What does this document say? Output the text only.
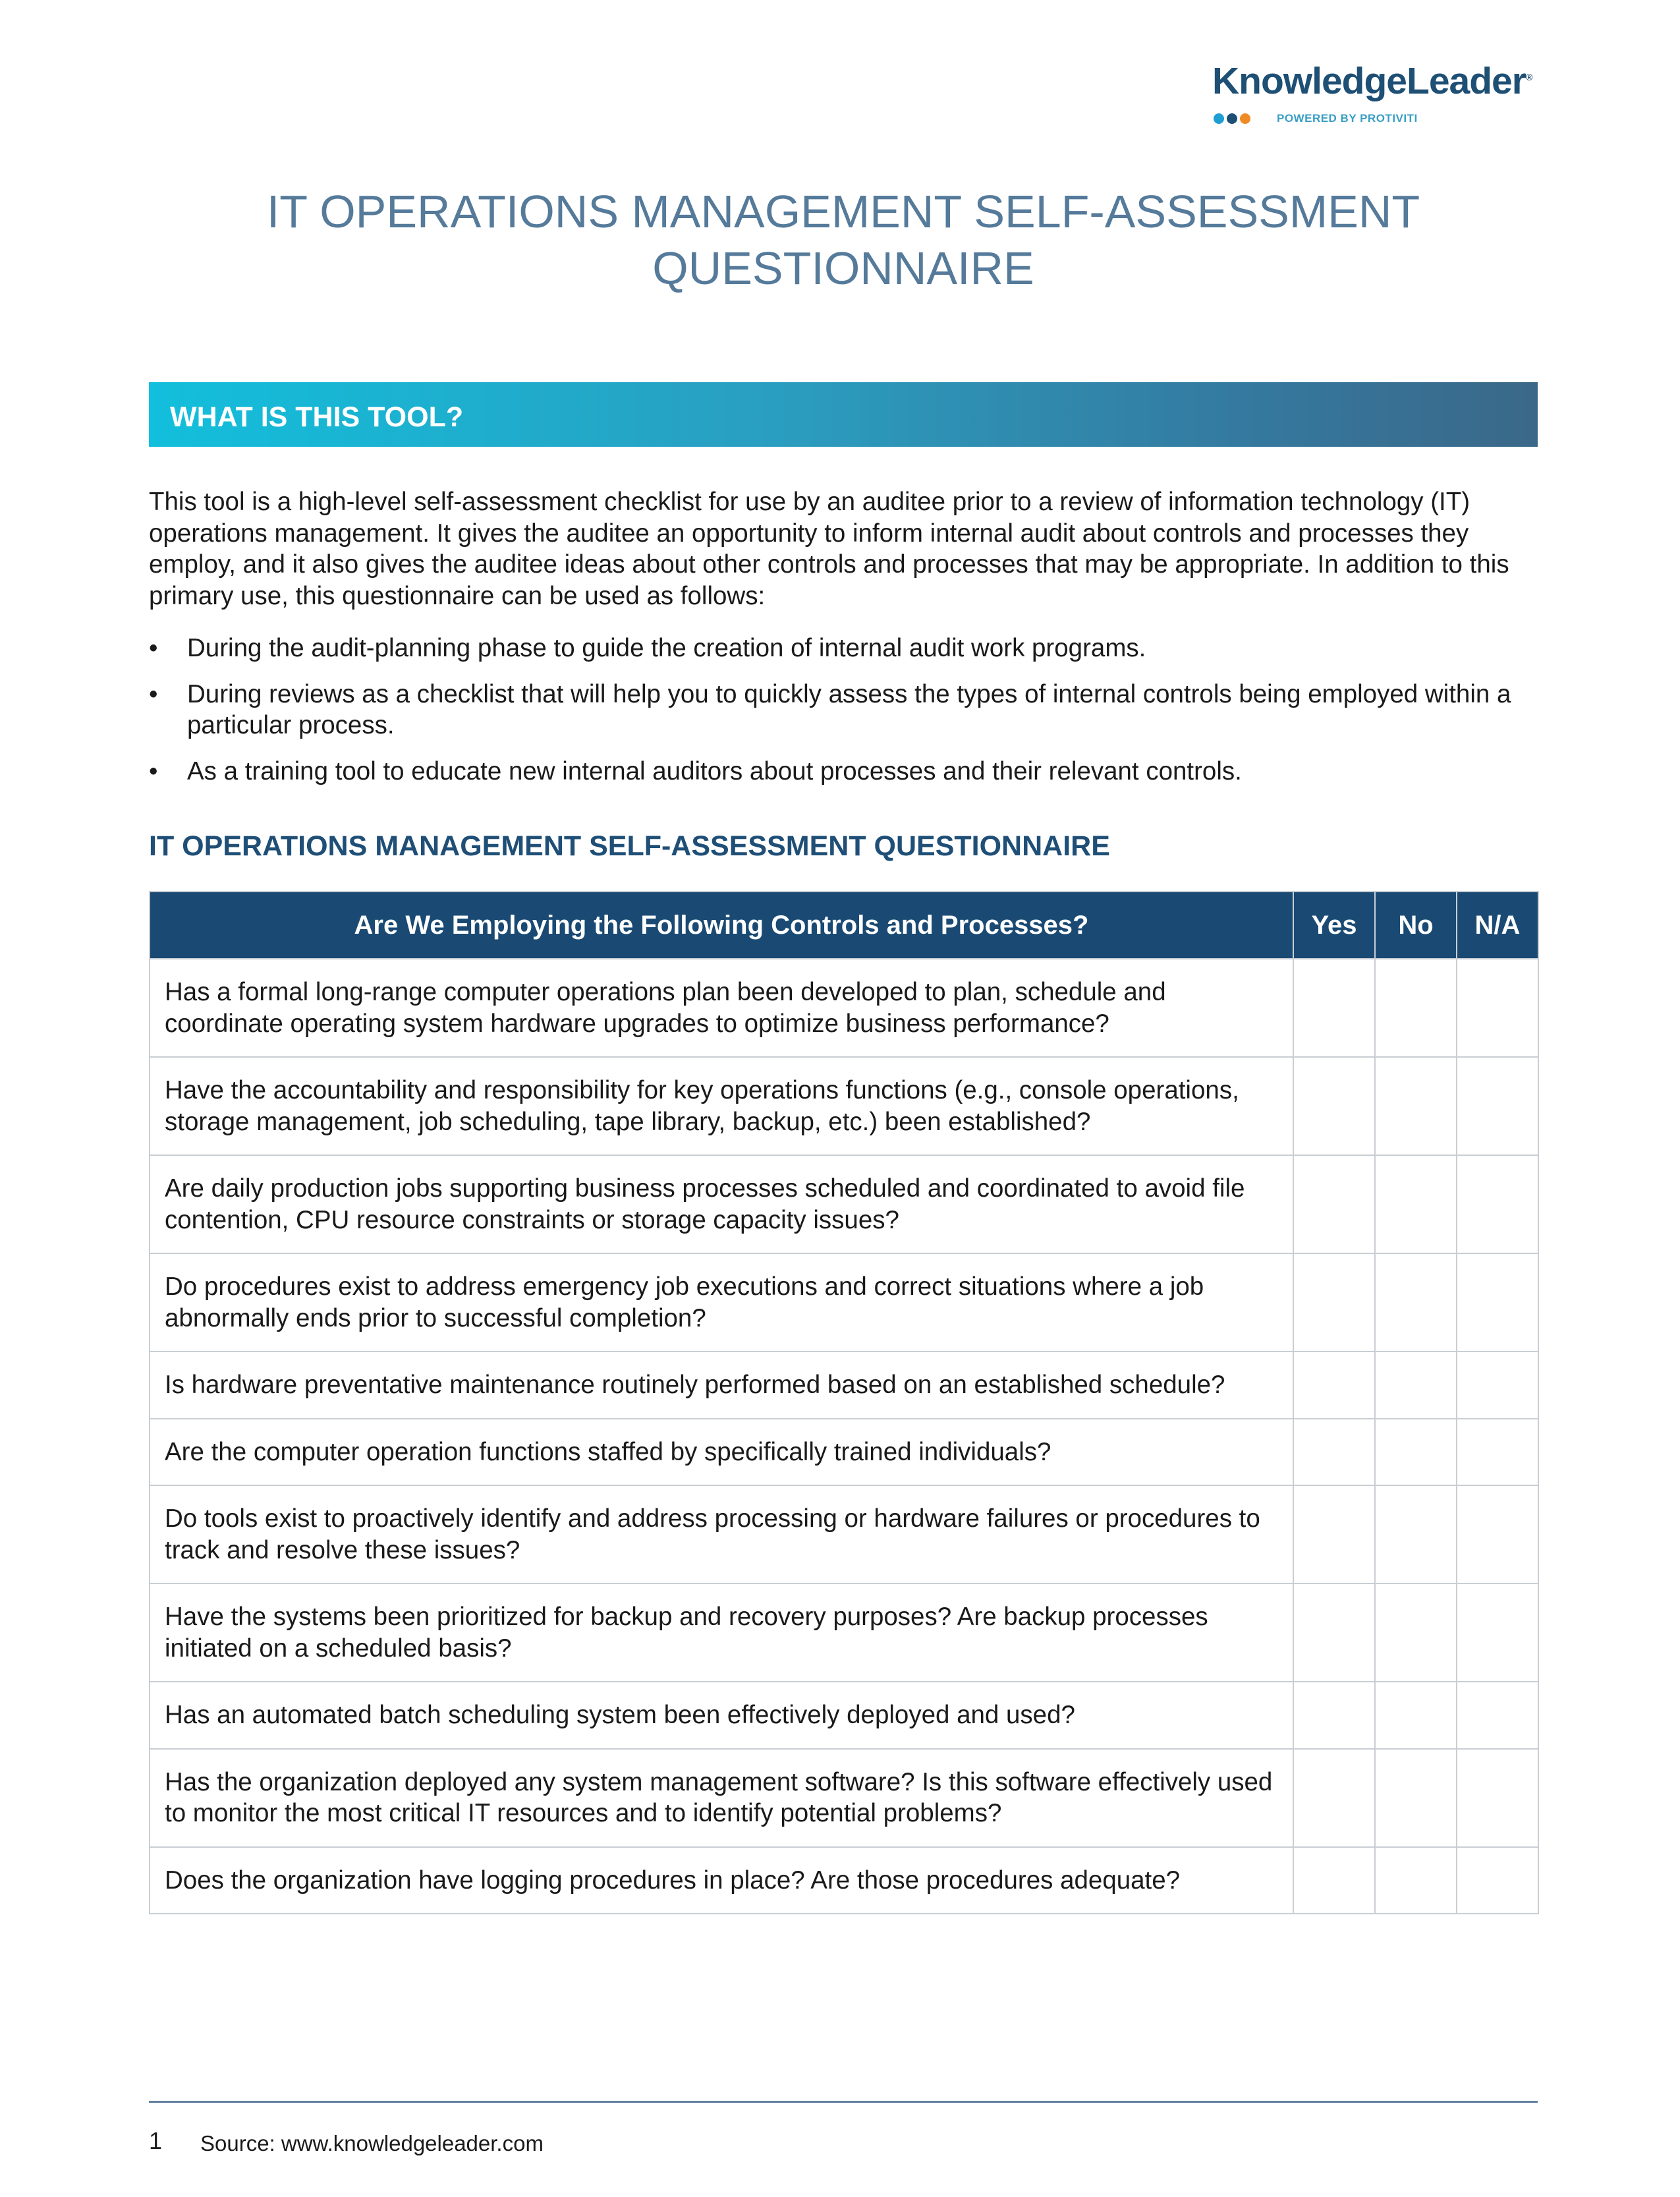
KnowledgeLeader®
POWERED BY PROTIVITI
IT OPERATIONS MANAGEMENT SELF-ASSESSMENT
QUESTIONNAIRE
WHAT IS THIS TOOL?

This tool is a high-level self-assessment checklist for use by an auditee prior to a review of information technology (IT) operations management. It gives the auditee an opportunity to inform internal audit about controls and processes they employ, and it also gives the auditee ideas about other controls and processes that may be appropriate. In addition to this primary use, this questionnaire can be used as follows:

• During the audit-planning phase to guide the creation of internal audit work programs.
• During reviews as a checklist that will help you to quickly assess the types of internal controls being employed within a particular process.
• As a training tool to educate new internal auditors about processes and their relevant controls.
IT OPERATIONS MANAGEMENT SELF-ASSESSMENT QUESTIONNAIRE
Are We Employing the Following Controls and Processes?	Yes	No	N/A
Has a formal long-range computer operations plan been developed to plan, schedule and coordinate operating system hardware upgrades to optimize business performance?			
Have the accountability and responsibility for key operations functions (e.g., console operations, storage management, job scheduling, tape library, backup, etc.) been established?			
Are daily production jobs supporting business processes scheduled and coordinated to avoid file contention, CPU resource constraints or storage capacity issues?			
Do procedures exist to address emergency job executions and correct situations where a job abnormally ends prior to successful completion?			
Is hardware preventative maintenance routinely performed based on an established schedule?			
Are the computer operation functions staffed by specifically trained individuals?			
Do tools exist to proactively identify and address processing or hardware failures or procedures to track and resolve these issues?			
Have the systems been prioritized for backup and recovery purposes? Are backup processes initiated on a scheduled basis?			
Has an automated batch scheduling system been effectively deployed and used?			
Has the organization deployed any system management software? Is this software effectively used to monitor the most critical IT resources and to identify potential problems?			
Does the organization have logging procedures in place? Are those procedures adequate?			
1 Source: www.knowledgeleader.com
